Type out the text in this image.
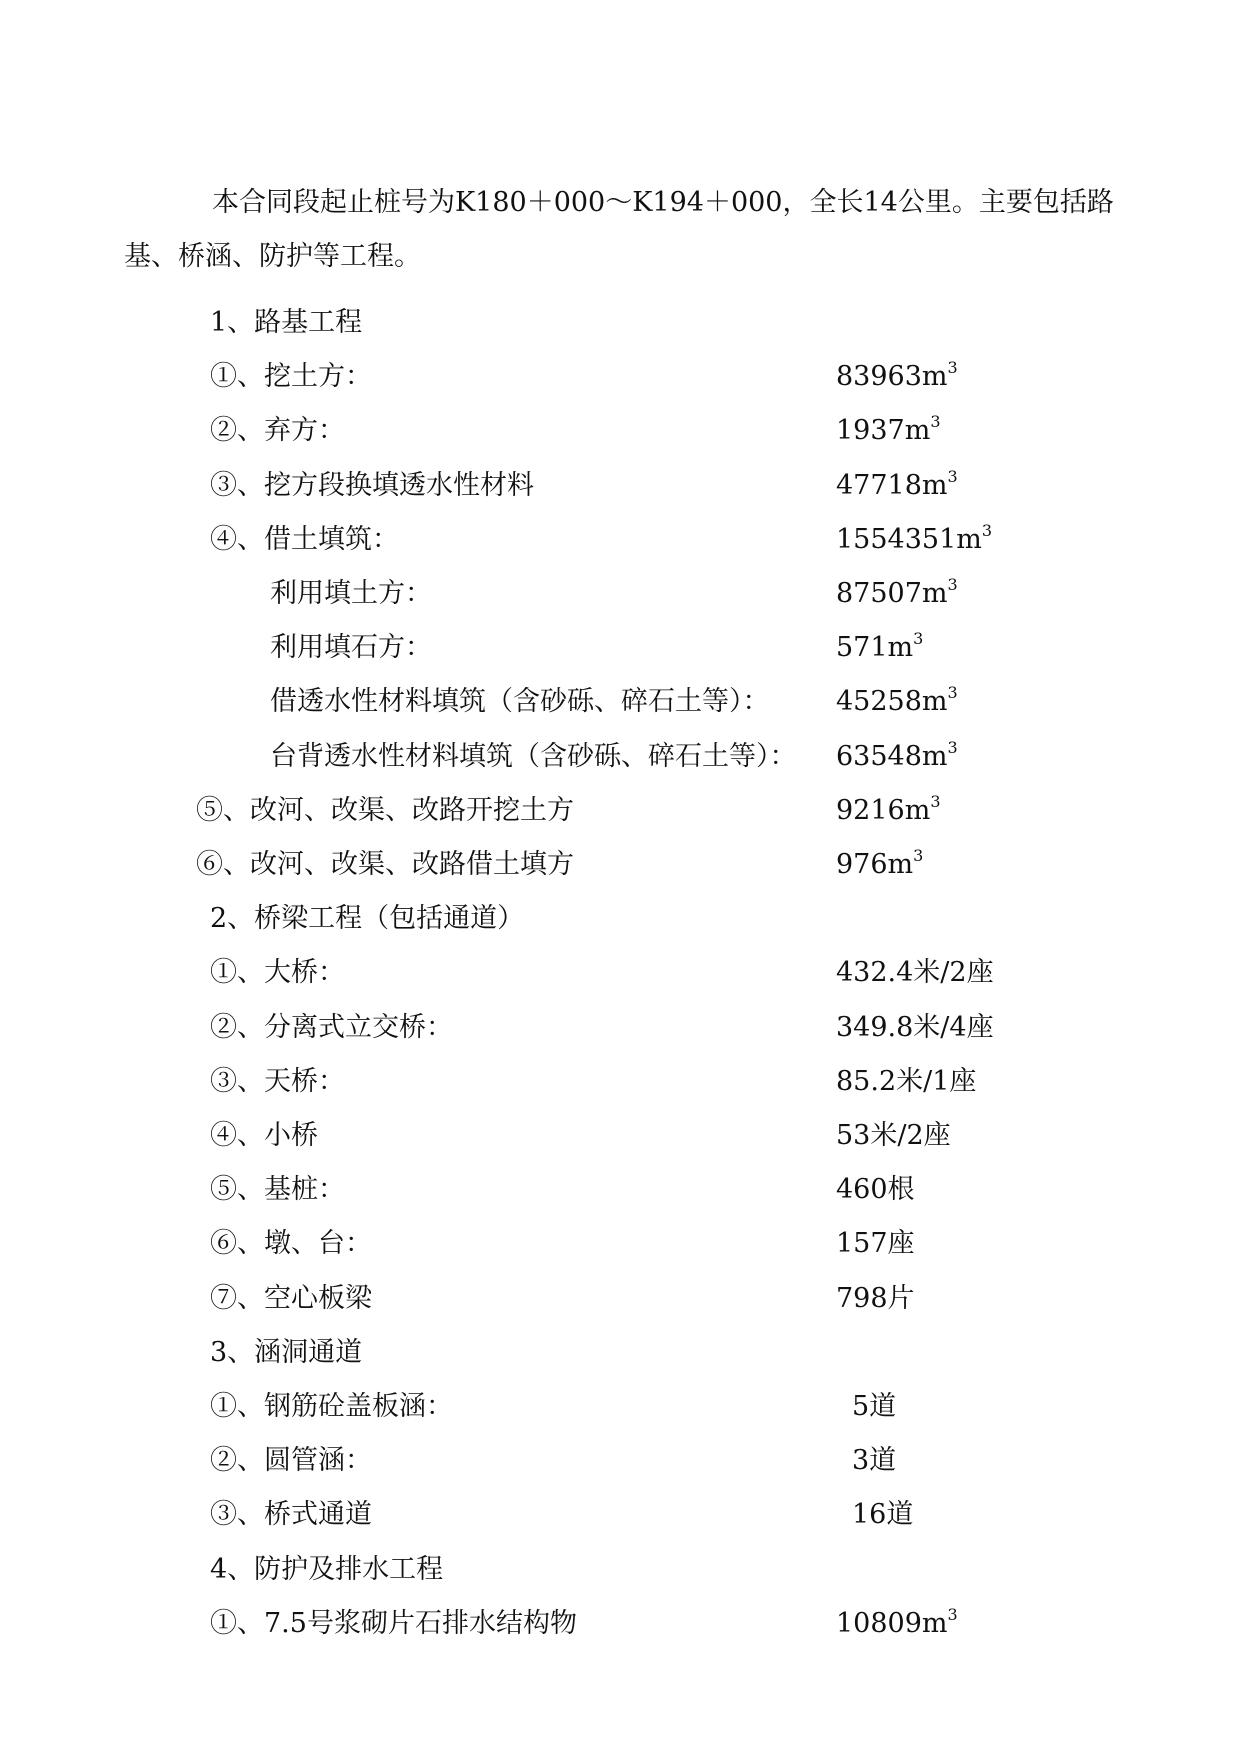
本合同段起止桩号为K180＋000～K194＋000，全长14公里。主要包括路基、桥涵、防护等工程。

1、路基工程
①、挖土方：	$83963m^3$
②、弃方：	$1937m^3$
③、挖方段换填透水性材料	$47718m^3$
④、借土填筑：	$1554351m^3$
利用填土方：	$87507m^3$
利用填石方：	$571m^3$
借透水性材料填筑（含砂砾、碎石土等）： $45258m^3$
台背透水性材料填筑（含砂砾、碎石土等）： $63548m^3$
⑤、改河、改渠、改路开挖土方	$9216m^3$
⑥、改河、改渠、改路借土填方	$976m^3$
2、桥梁工程（包括通道）
①、大桥：	432.4米/2座
②、分离式立交桥：	349.8米/4座
③、天桥：	85.2米/1座
④、小桥	53米/2座
⑤、基桩：	460根
⑥、墩、台：	157座
⑦、空心板梁	798片
3、涵洞通道
①、钢筋砼盖板涵：	5道
②、圆管涵：	3道
③、桥式通道	16道
4、防护及排水工程
①、7.5号浆砌片石排水结构物	$10809m^3$
